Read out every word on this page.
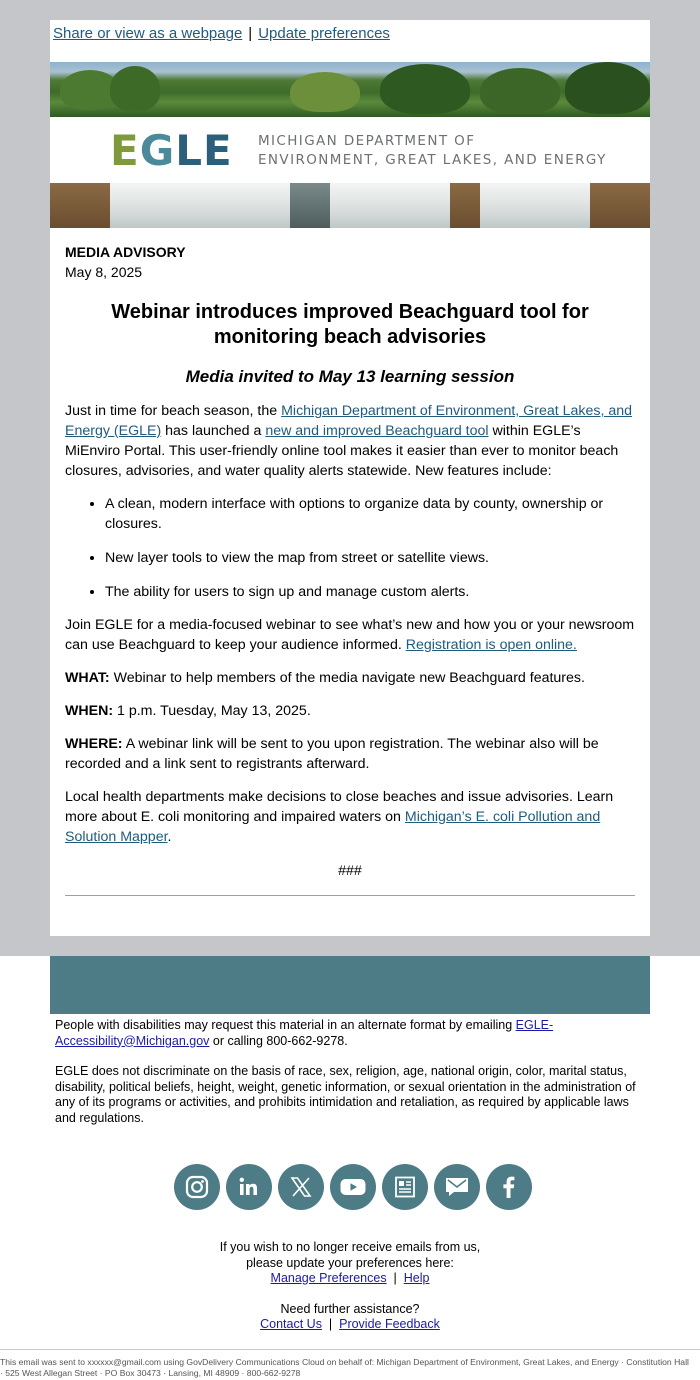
Share or view as a webpage | Update preferences
EGLE MICHIGAN DEPARTMENT OF
ENVIRONMENT, GREAT LAKES, AND ENERGY
MEDIA ADVISORY
May 8, 2025
Webinar introduces improved Beachguard tool for monitoring beach advisories
Media invited to May 13 learning session

Just in time for beach season, the Michigan Department of Environment, Great Lakes, and Energy (EGLE) has launched a new and improved Beachguard tool within EGLE’s MiEnviro Portal. This user-friendly online tool makes it easier than ever to monitor beach closures, advisories, and water quality alerts statewide. New features include:

• A clean, modern interface with options to organize data by county, ownership or closures.
• New layer tools to view the map from street or satellite views.
• The ability for users to sign up and manage custom alerts.

Join EGLE for a media-focused webinar to see what’s new and how you or your newsroom can use Beachguard to keep your audience informed. Registration is open online.

WHAT: Webinar to help members of the media navigate new Beachguard features.

WHEN: 1 p.m. Tuesday, May 13, 2025.

WHERE: A webinar link will be sent to you upon registration. The webinar also will be recorded and a link sent to registrants afterward.

Local health departments make decisions to close beaches and issue advisories. Learn more about E. coli monitoring and impaired waters on Michigan’s E. coli Pollution and Solution Mapper.

###

People with disabilities may request this material in an alternate format by emailing EGLE-Accessibility@Michigan.gov or calling 800-662-9278.

EGLE does not discriminate on the basis of race, sex, religion, age, national origin, color, marital status, disability, political beliefs, height, weight, genetic information, or sexual orientation in the administration of any of its programs or activities, and prohibits intimidation and retaliation, as required by applicable laws and regulations.

If you wish to no longer receive emails from us,
please update your preferences here:
Manage Preferences | Help
Need further assistance?
Contact Us | Provide Feedback
This email was sent to xxxxxx@gmail.com using GovDelivery Communications Cloud on behalf of: Michigan Department of Environment, Great Lakes, and Energy · Constitution Hall · 525 West Allegan Street · PO Box 30473 · Lansing, MI 48909 · 800-662-9278
